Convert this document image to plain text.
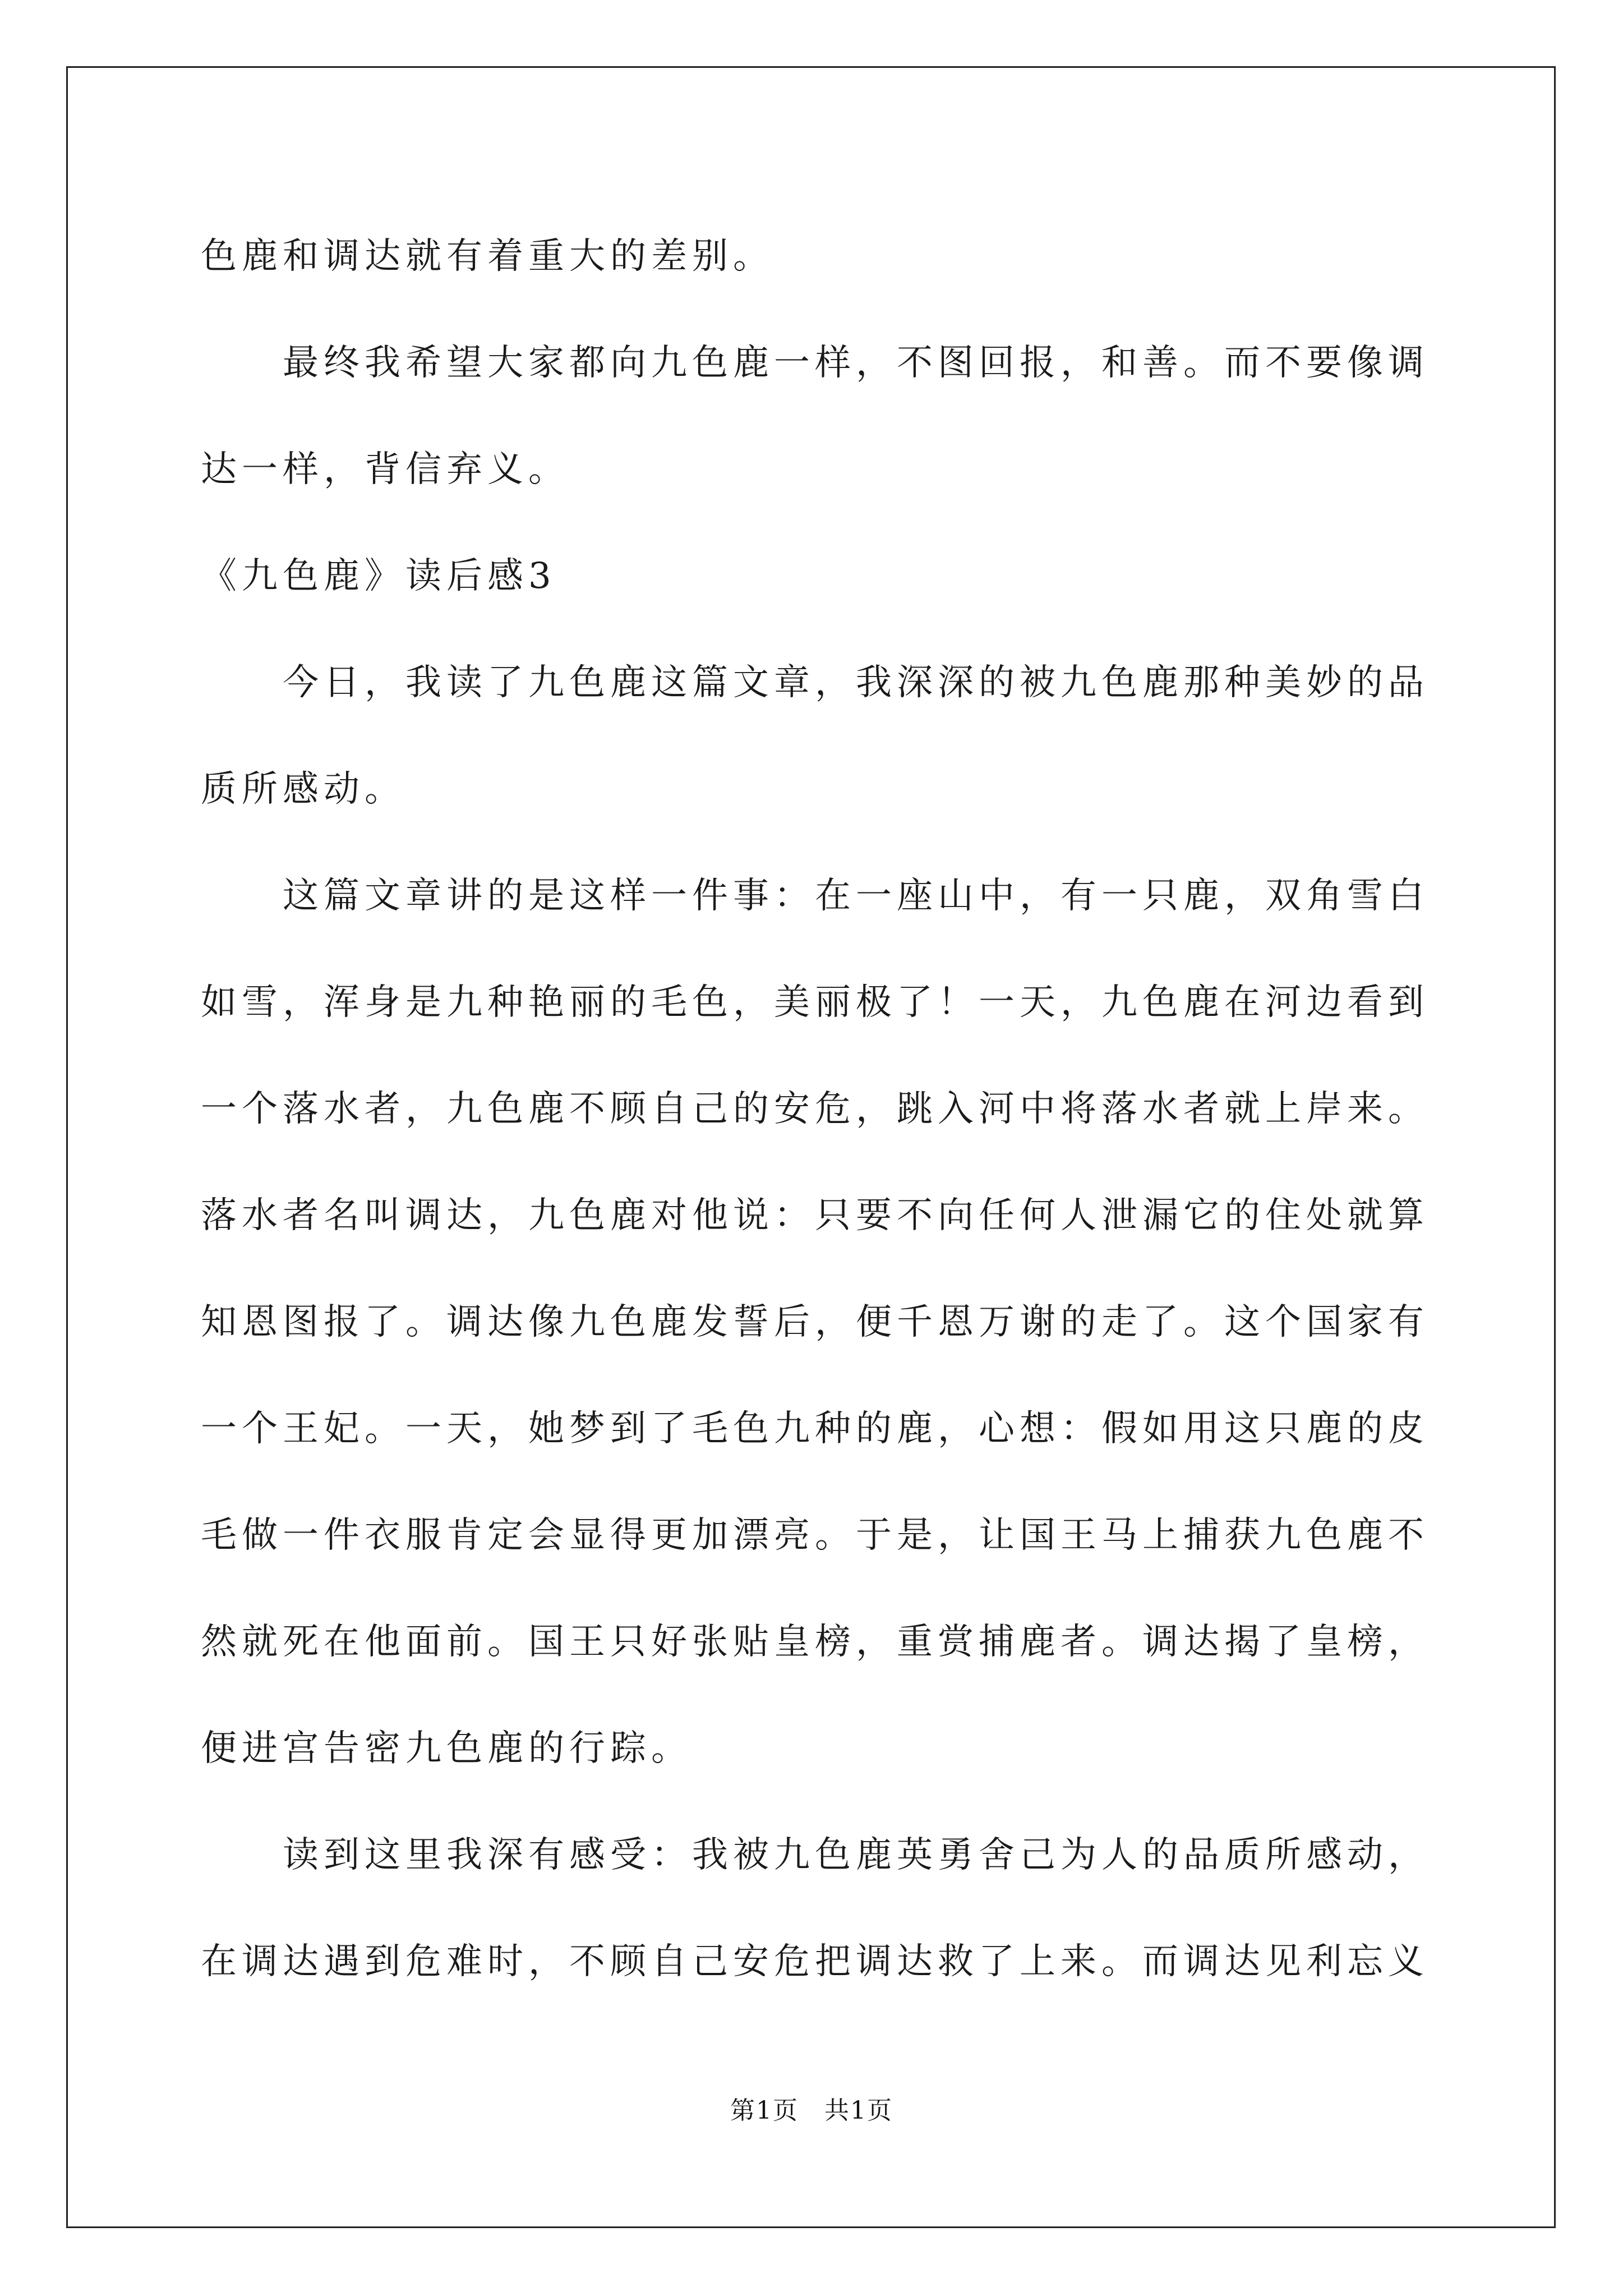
色鹿和调达就有着重大的差别。

最终我希望大家都向九色鹿一样，不图回报，和善。而不要像调达一样，背信弃义。

《九色鹿》读后感3

今日，我读了九色鹿这篇文章，我深深的被九色鹿那种美妙的品质所感动。

这篇文章讲的是这样一件事：在一座山中，有一只鹿，双角雪白如雪，浑身是九种艳丽的毛色，美丽极了！一天，九色鹿在河边看到一个落水者，九色鹿不顾自己的安危，跳入河中将落水者就上岸来。落水者名叫调达，九色鹿对他说：只要不向任何人泄漏它的住处就算知恩图报了。调达像九色鹿发誓后，便千恩万谢的走了。这个国家有一个王妃。一天，她梦到了毛色九种的鹿，心想：假如用这只鹿的皮毛做一件衣服肯定会显得更加漂亮。于是，让国王马上捕获九色鹿不然就死在他面前。国王只好张贴皇榜，重赏捕鹿者。调达揭了皇榜，便进宫告密九色鹿的行踪。

读到这里我深有感受：我被九色鹿英勇舍己为人的品质所感动，在调达遇到危难时，不顾自己安危把调达救了上来。而调达见利忘义

第1页　共1页
